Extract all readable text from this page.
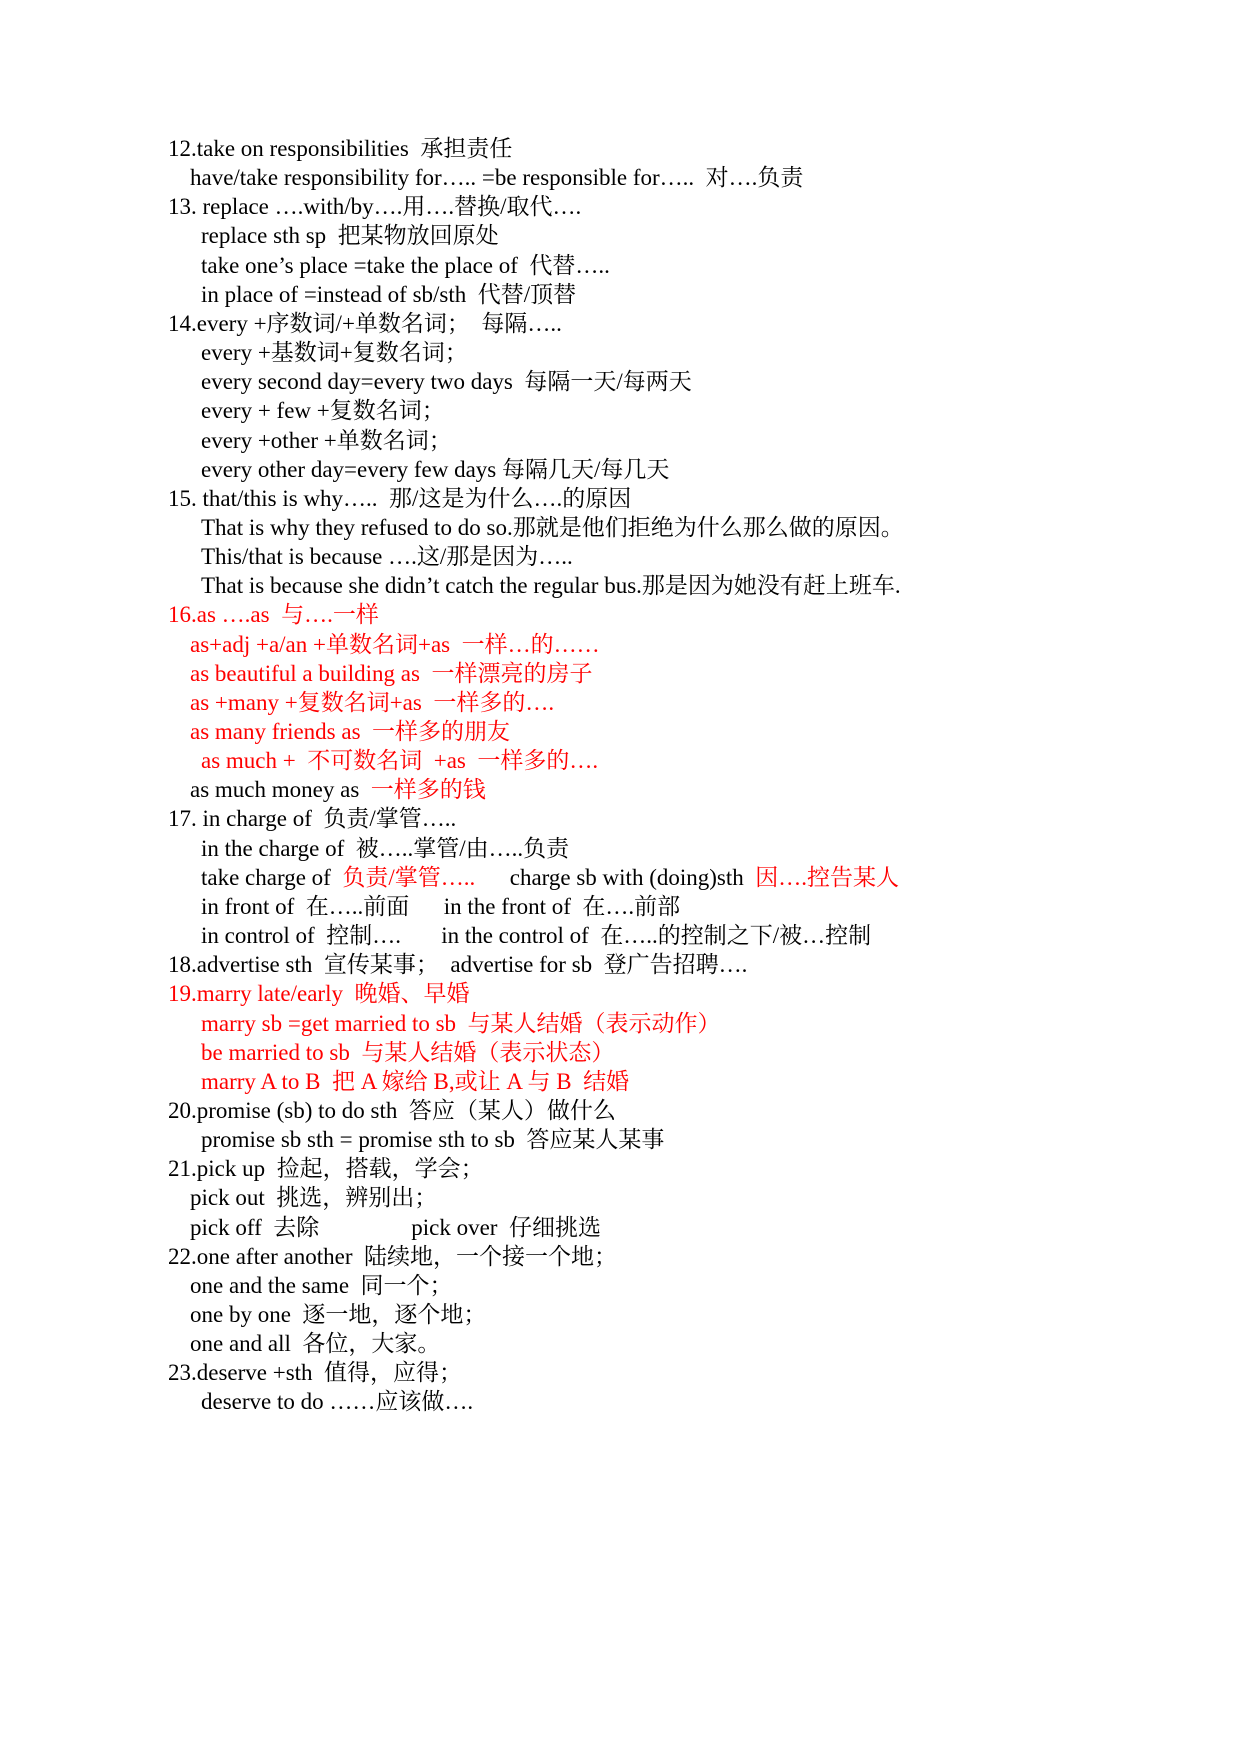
12.take on responsibilities  承担责任
have/take responsibility for….. =be responsible for…..  对….负责
13. replace ….with/by….用….替换/取代….
replace sth sp  把某物放回原处
take one’s place =take the place of  代替…..
in place of =instead of sb/sth  代替/顶替
14.every +序数词/+单数名词；  每隔…..
every +基数词+复数名词；
every second day=every two days  每隔一天/每两天
every + few +复数名词；
every +other +单数名词；
every other day=every few days 每隔几天/每几天
15. that/this is why…..  那/这是为什么….的原因
That is why they refused to do so.那就是他们拒绝为什么那么做的原因。
This/that is because ….这/那是因为…..
That is because she didn’t catch the regular bus.那是因为她没有赶上班车.
16.as ….as  与….一样
as+adj +a/an +单数名词+as  一样…的……
as beautiful a building as  一样漂亮的房子
as +many +复数名词+as  一样多的….
as many friends as  一样多的朋友
as much +  不可数名词  +as  一样多的….
as much money as  一样多的钱
17. in charge of  负责/掌管…..
in the charge of  被…..掌管/由…..负责
take charge of  负责/掌管…..      charge sb with (doing)sth  因….控告某人
in front of  在…..前面      in the front of  在….前部
in control of  控制….       in the control of  在…..的控制之下/被…控制
18.advertise sth  宣传某事；  advertise for sb  登广告招聘….
19.marry late/early  晚婚、早婚
marry sb =get married to sb  与某人结婚（表示动作）
be married to sb  与某人结婚（表示状态）
marry A to B  把 A 嫁给 B,或让 A 与 B  结婚
20.promise (sb) to do sth  答应（某人）做什么
promise sb sth = promise sth to sb  答应某人某事
21.pick up  捡起，搭载，学会；
pick out  挑选，辨别出；
pick off  去除                pick over  仔细挑选
22.one after another  陆续地，一个接一个地；
one and the same  同一个；
one by one  逐一地，逐个地；
one and all  各位，大家。
23.deserve +sth  值得，应得；
deserve to do ……应该做….
